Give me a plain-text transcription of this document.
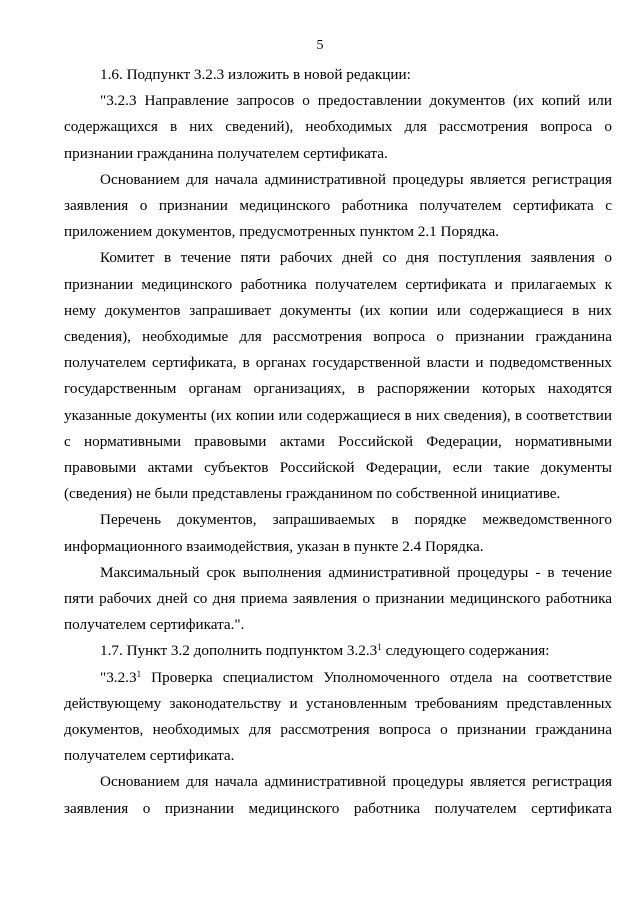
5

1.6. Подпункт 3.2.3 изложить в новой редакции:

"3.2.3 Направление запросов о предоставлении документов (их копий или содержащихся в них сведений), необходимых для рассмотрения вопроса о признании гражданина получателем сертификата.

Основанием для начала административной процедуры является регистрация заявления о признании медицинского работника получателем сертификата с приложением документов, предусмотренных пунктом 2.1 Порядка.

Комитет в течение пяти рабочих дней со дня поступления заявления о признании медицинского работника получателем сертификата и прилагаемых к нему документов запрашивает документы (их копии или содержащиеся в них сведения), необходимые для рассмотрения вопроса о признании гражданина получателем сертификата, в органах государственной власти и подведомственных государственным органам организациях, в распоряжении которых находятся указанные документы (их копии или содержащиеся в них сведения), в соответствии с нормативными правовыми актами Российской Федерации, нормативными правовыми актами субъектов Российской Федерации, если такие документы (сведения) не были представлены гражданином по собственной инициативе.

Перечень документов, запрашиваемых в порядке межведомственного информационного взаимодействия, указан в пункте 2.4 Порядка.

Максимальный срок выполнения административной процедуры - в течение пяти рабочих дней со дня приема заявления о признании медицинского работника получателем сертификата.".

1.7. Пункт 3.2 дополнить подпунктом 3.2.3$^1$ следующего содержания:

"3.2.3$^1$ Проверка специалистом Уполномоченного отдела на соответствие действующему законодательству и установленным требованиям представленных документов, необходимых для рассмотрения вопроса о признании гражданина получателем сертификата.

Основанием для начала административной процедуры является регистрация заявления о признании медицинского работника получателем сертификата
